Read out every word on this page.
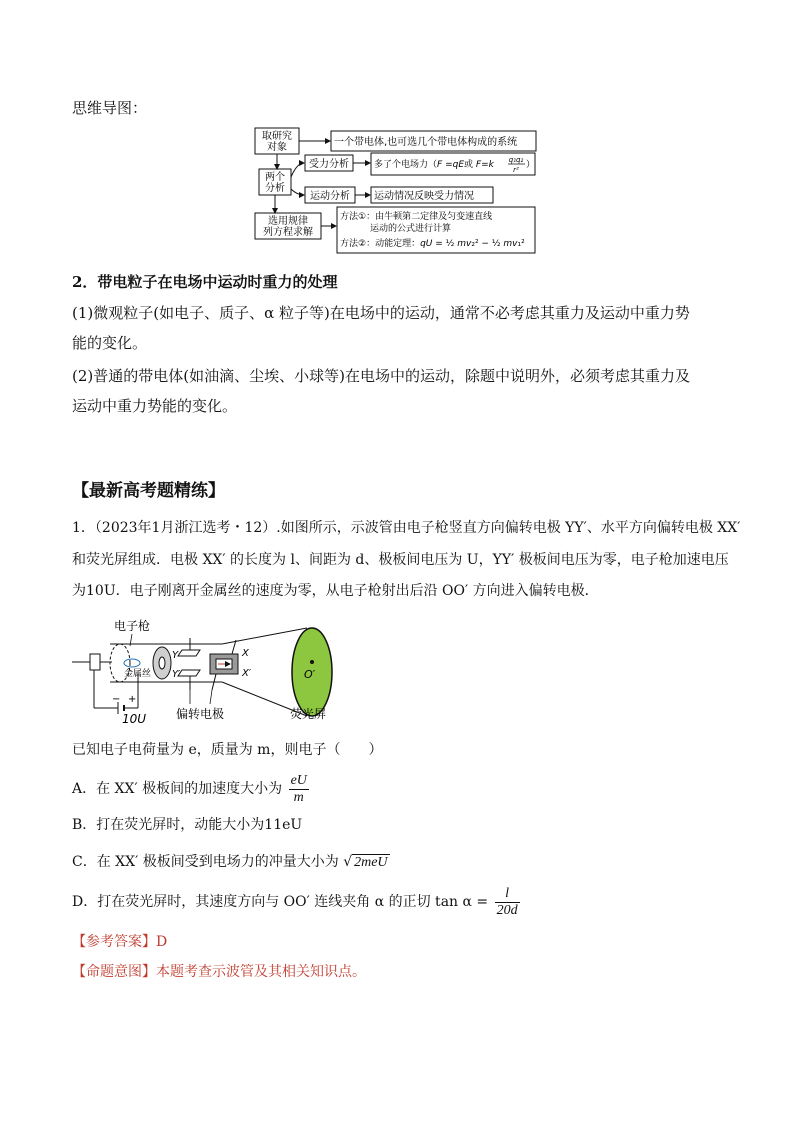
思维导图：
取研究
对象
两个
分析
选用规律
列方程求解
一个带电体,也可选几个带电体构成的系统
受力分析	多了个电场力（F =qE或 F=k q₁q₂
r² ）
运动分析 运动情况反映受力情况
方法①：由牛顿第二定律及匀变速直线
运动的公式进行计算
方法②：动能定理：qU = ½ mv₂² − ½ mv₁²
2．带电粒子在电场中运动时重力的处理
(1)微观粒子(如电子、质子、α 粒子等)在电场中的运动，通常不必考虑其重力及运动中重力势
能的变化。
(2)普通的带电体(如油滴、尘埃、小球等)在电场中的运动，除题中说明外，必须考虑其重力及
运动中重力势能的变化。
【最新高考题精练】
1．（2023年1月浙江选考・12）.如图所示，示波管由电子枪竖直方向偏转电极 YY′、水平方向偏转电极 XX′
和荧光屏组成．电极 XX′ 的长度为 l、间距为 d、极板间电压为 U，YY′ 极板间电压为零，电子枪加速电压
为10U．电子刚离开金属丝的速度为零，从电子枪射出后沿 OO′ 方向进入偏转电极．
电子枪
− +
10U
金属丝
Y
Y′
X
X′	O′
偏转电极	荧光屏
已知电子电荷量为 e，质量为 m，则电子（　　）
A．在 XX′ 极板间的加速度大小为 $\frac{eU}{m}$
B．打在荧光屏时，动能大小为11eU
C．在 XX′ 极板间受到电场力的冲量大小为 √ 2meU
D．打在荧光屏时，其速度方向与 OO′ 连线夹角 α 的正切 $\tan \alpha = \frac{l}{20d}$
【参考答案】D
【命题意图】本题考查示波管及其相关知识点。
